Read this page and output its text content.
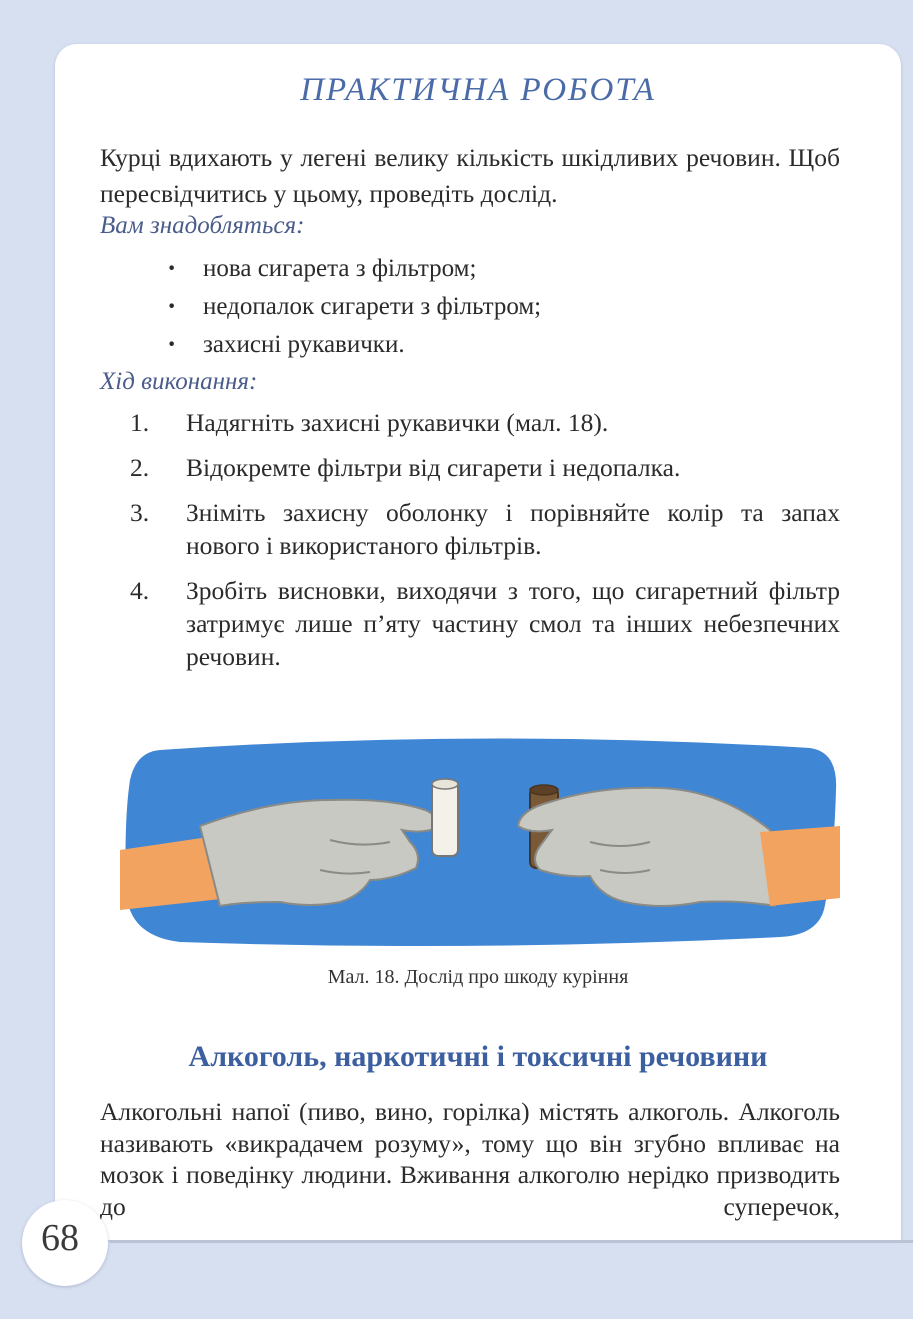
ПРАКТИЧНА РОБОТА
Курці вдихають у легені велику кількість шкідливих речовин. Щоб пересвідчитись у цьому, проведіть дослід.
Вам знадобляться:
· нова сигарета з фільтром;
· недопалок сигарети з фільтром;
· захисні рукавички.
Хід виконання:
1. Надягніть захисні рукавички (мал. 18).
2. Відокремте фільтри від сигарети і недопалка.
3. Зніміть захисну оболонку і порівняйте колір та запах нового і використаного фільтрів.
4. Зробіть висновки, виходячи з того, що сигаретний фільтр затримує лише п’яту частину смол та інших небезпечних речовин.
Мал. 18. Дослід про шкоду куріння
Алкоголь, наркотичні і токсичні речовини
Алкогольні напої (пиво, вино, горілка) містять алкоголь. Алкоголь називають «викрадачем розуму», тому що він згубно впливає на мозок і поведінку людини. Вживання алкоголю нерідко призводить до суперечок,
68
